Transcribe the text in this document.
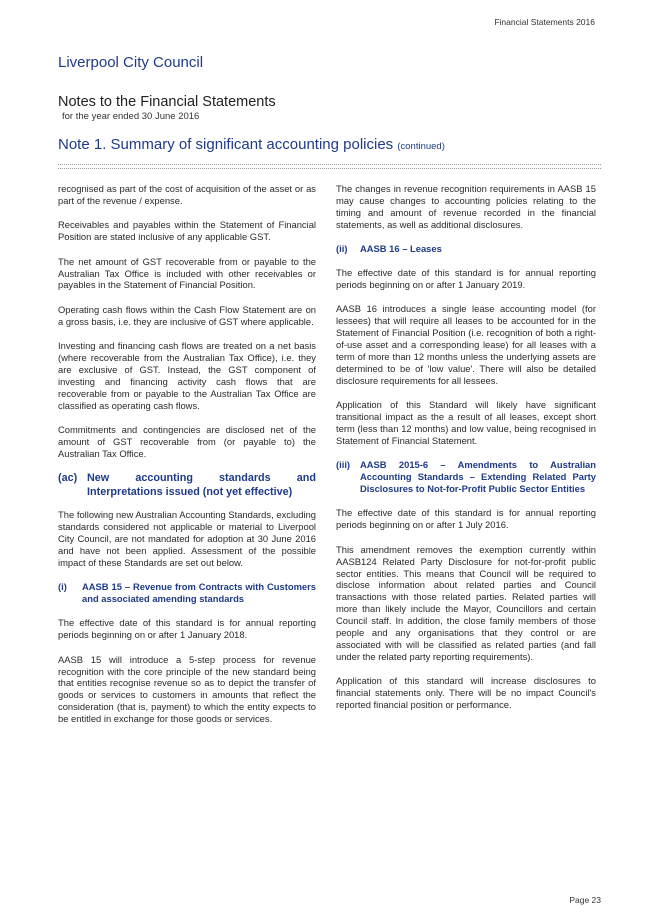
Financial Statements 2016
Liverpool City Council
Notes to the Financial Statements
for the year ended 30 June 2016
Note 1. Summary of significant accounting policies (continued)

recognised as part of the cost of acquisition of the asset or as part of the revenue / expense.

Receivables and payables within the Statement of Financial Position are stated inclusive of any applicable GST.

The net amount of GST recoverable from or payable to the Australian Tax Office is included with other receivables or payables in the Statement of Financial Position.

Operating cash flows within the Cash Flow Statement are on a gross basis, i.e. they are inclusive of GST where applicable.

Investing and financing cash flows are treated on a net basis (where recoverable from the Australian Tax Office), i.e. they are exclusive of GST. Instead, the GST component of investing and financing activity cash flows that are recoverable from or payable to the Australian Tax Office are classified as operating cash flows.

Commitments and contingencies are disclosed net of the amount of GST recoverable from (or payable to) the Australian Tax Office.

(ac) New accounting standards and Interpretations issued (not yet effective)

The following new Australian Accounting Standards, excluding standards considered not applicable or material to Liverpool City Council, are not mandated for adoption at 30 June 2016 and have not been applied. Assessment of the possible impact of these Standards are set out below.

(i)	AASB 15 – Revenue from Contracts with Customers and associated amending standards

The effective date of this standard is for annual reporting periods beginning on or after 1 January 2018.

AASB 15 will introduce a 5-step process for revenue recognition with the core principle of the new standard being that entities recognise revenue so as to depict the transfer of goods or services to customers in amounts that reflect the consideration (that is, payment) to which the entity expects to be entitled in exchange for those goods or services.

The changes in revenue recognition requirements in AASB 15 may cause changes to accounting policies relating to the timing and amount of revenue recorded in the financial statements, as well as additional disclosures.

(ii)	AASB 16 – Leases

The effective date of this standard is for annual reporting periods beginning on or after 1 January 2019.

AASB 16 introduces a single lease accounting model (for lessees) that will require all leases to be accounted for in the Statement of Financial Position (i.e. recognition of both a right-of-use asset and a corresponding lease) for all leases with a term of more than 12 months unless the underlying assets are determined to be of 'low value'. There will also be detailed disclosure requirements for all lessees.

Application of this Standard will likely have significant transitional impact as the a result of all leases, except short term (less than 12 months) and low value, being recognised in Statement of Financial Statement.

(iii)	AASB 2015-6 – Amendments to Australian Accounting Standards – Extending Related Party Disclosures to Not-for-Profit Public Sector Entities

The effective date of this standard is for annual reporting periods beginning on or after 1 July 2016.

This amendment removes the exemption currently within AASB124 Related Party Disclosure for not-for-profit public sector entities. This means that Council will be required to disclose information about related parties and Council transactions with those related parties. Related parties will more than likely include the Mayor, Councillors and certain Council staff. In addition, the close family members of those people and any organisations that they control or are associated with will be classified as related parties (and fall under the related party reporting requirements).

Application of this standard will increase disclosures to financial statements only. There will be no impact Council's reported financial position or performance.

Page 23
